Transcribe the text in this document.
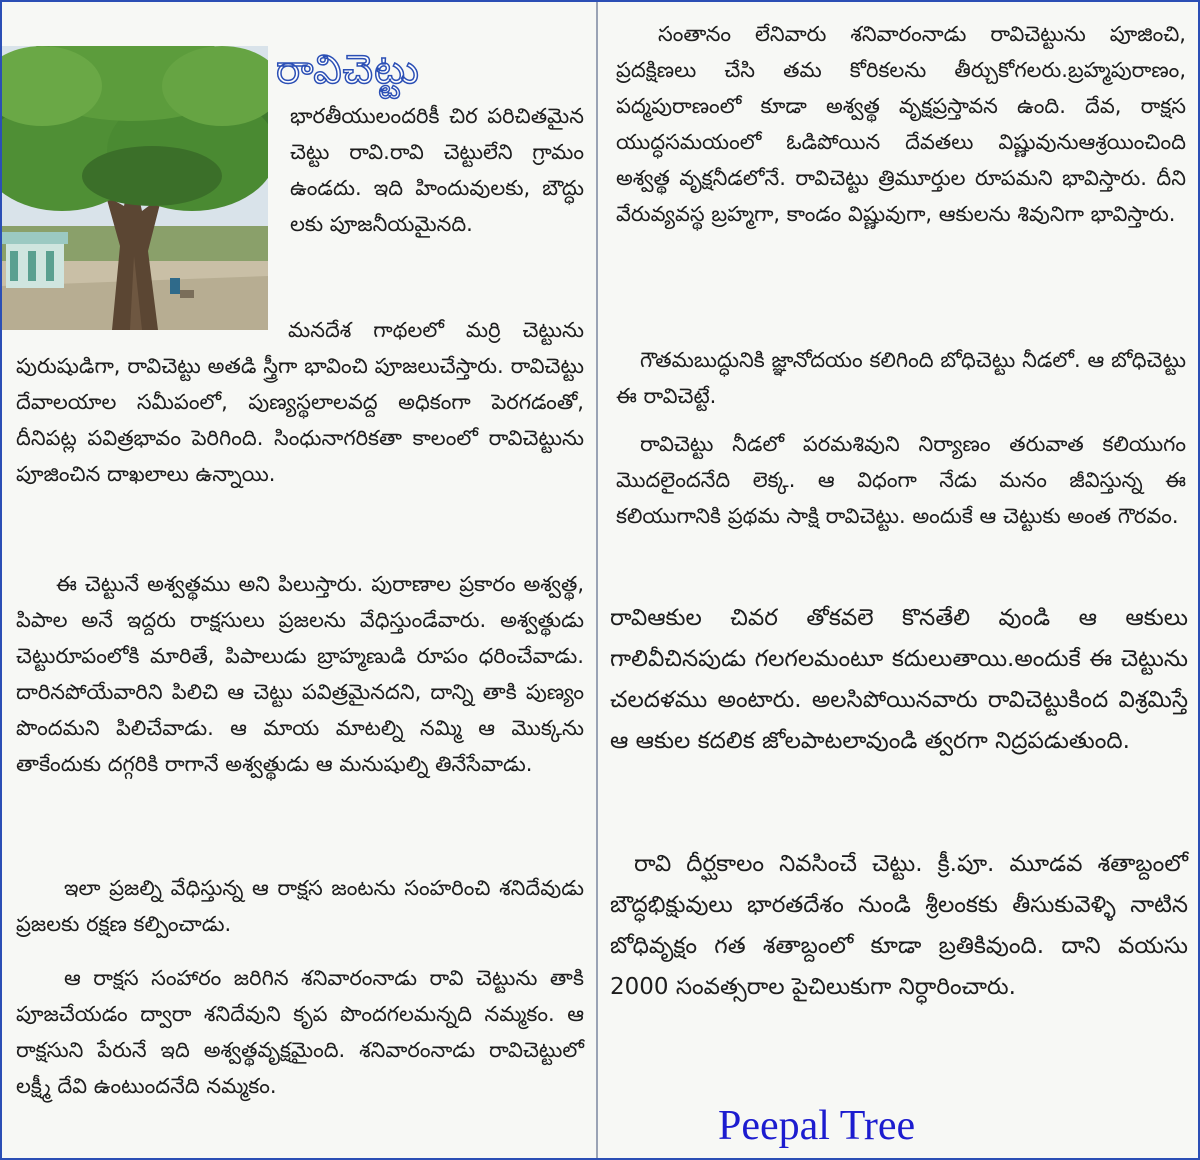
రావిచెట్టు

భారతీయులందరికీ చిర పరిచితమైన చెట్టు రావి.రావి చెట్టులేని గ్రామం ఉండదు. ఇది హిందువులకు, బౌద్ధు లకు పూజనీయమైనది.

మనదేశ గాథలలో మర్రి చెట్టును పురుషుడిగా, రావిచెట్టు అతడి స్త్రీగా భావించి పూజలుచేస్తారు. రావిచెట్టు దేవాలయాల సమీపంలో, పుణ్యస్థలాలవద్ద అధికంగా పెరగడంతో, దీనిపట్ల పవిత్రభావం పెరిగింది. సింధునాగరికతా కాలంలో రావిచెట్టును పూజించిన దాఖలాలు ఉన్నాయి.

ఈ చెట్టునే అశ్వత్థము అని పిలుస్తారు. పురాణాల ప్రకారం అశ్వత్థ, పిపాల అనే ఇద్దరు రాక్షసులు ప్రజలను వేధిస్తుండేవారు. అశ్వత్థుడు చెట్టురూపంలోకి మారితే, పిపాలుడు బ్రాహ్మణుడి రూపం ధరించేవాడు. దారినపోయేవారిని పిలిచి ఆ చెట్టు పవిత్రమైనదని, దాన్ని తాకి పుణ్యం పొందమని పిలిచేవాడు. ఆ మాయ మాటల్ని నమ్మి ఆ మొక్కను తాకేందుకు దగ్గరికి రాగానే అశ్వత్థుడు ఆ మనుషుల్ని తినేసేవాడు.

ఇలా ప్రజల్ని వేధిస్తున్న ఆ రాక్షస జంటను సంహరించి శనిదేవుడు ప్రజలకు రక్షణ కల్పించాడు.

ఆ రాక్షస సంహారం జరిగిన శనివారంనాడు రావి చెట్టును తాకి పూజచేయడం ద్వారా శనిదేవుని కృప పొందగలమన్నది నమ్మకం. ఆ రాక్షసుని పేరునే ఇది అశ్వత్థవృక్షమైంది. శనివారంనాడు రావిచెట్టులో లక్ష్మీ దేవి ఉంటుందనేది నమ్మకం.

సంతానం లేనివారు శనివారంనాడు రావిచెట్టును పూజించి, ప్రదక్షిణలు చేసి తమ కోరికలను తీర్చుకోగలరు.బ్రహ్మపురాణం, పద్మపురాణంలో కూడా అశ్వత్థ వృక్షప్రస్తావన ఉంది. దేవ, రాక్షస యుద్ధసమయంలో ఓడిపోయిన దేవతలు విష్ణువునుఆశ్రయించింది అశ్వత్థ వృక్షనీడలోనే. రావిచెట్టు త్రిమూర్తుల రూపమని భావిస్తారు. దీని వేరువ్యవస్థ బ్రహ్మగా, కాండం విష్ణువుగా, ఆకులను శివునిగా భావిస్తారు.

గౌతమబుద్ధునికి జ్ఞానోదయం కలిగింది బోధిచెట్టు నీడలో. ఆ బోధిచెట్టు ఈ రావిచెట్టే.

రావిచెట్టు నీడలో పరమశివుని నిర్యాణం తరువాత కలియుగం మొదలైందనేది లెక్క. ఆ విధంగా నేడు మనం జీవిస్తున్న ఈ కలియుగానికి ప్రథమ సాక్షి రావిచెట్టు. అందుకే ఆ చెట్టుకు అంత గౌరవం.

రావిఆకుల చివర తోకవలె కొనతేలి వుండి ఆ ఆకులు గాలివీచినపుడు గలగలమంటూ కదులుతాయి.అందుకే ఈ చెట్టును చలదళము అంటారు. అలసిపోయినవారు రావిచెట్టుకింద విశ్రమిస్తే ఆ ఆకుల కదలిక జోలపాటలావుండి త్వరగా నిద్రపడుతుంది.

రావి దీర్ఘకాలం నివసించే చెట్టు. క్రీ.పూ. మూడవ శతాబ్దంలో బౌద్ధభిక్షువులు భారతదేశం నుండి శ్రీలంకకు తీసుకువెళ్ళి నాటిన బోధివృక్షం గత శతాబ్దంలో కూడా బ్రతికివుంది. దాని వయసు 2000 సంవత్సరాల పైచిలుకుగా నిర్ధారించారు.

Peepal Tree
